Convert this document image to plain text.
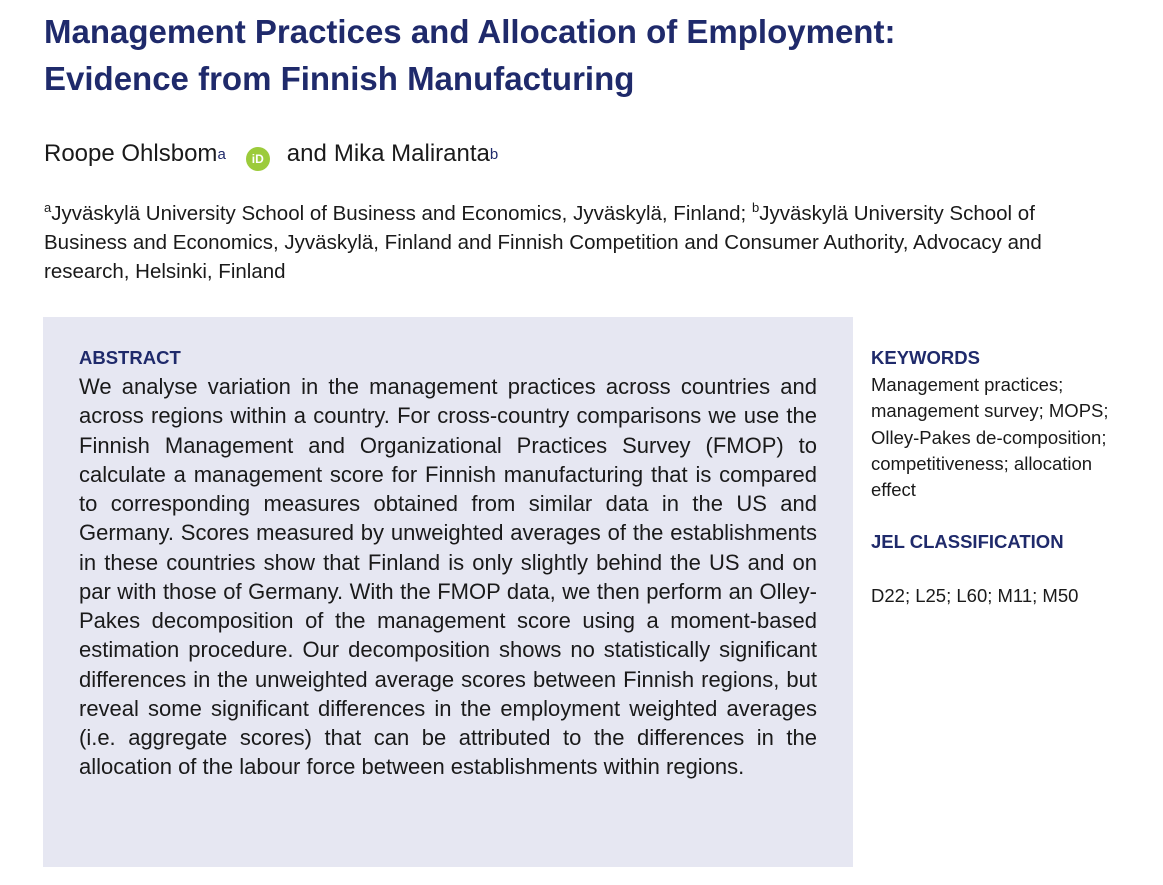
Management Practices and Allocation of Employment:
Evidence from Finnish Manufacturing
Roope Ohlsbom$^a$	iD and Mika Maliranta$^b$
$^a$Jyväskylä University School of Business and Economics, Jyväskylä, Finland; $^b$Jyväskylä University School of Business and Economics, Jyväskylä, Finland and Finnish Competition and Consumer Authority, Advocacy and research, Helsinki, Finland
ABSTRACT

We analyse variation in the management practices across countries and across regions within a country. For cross-country comparisons we use the Finnish Management and Organizational Practices Survey (FMOP) to calculate a management score for Finnish manufacturing that is compared to corresponding measures obtained from similar data in the US and Germany. Scores measured by unweighted averages of the establishments in these countries show that Finland is only slightly behind the US and on par with those of Germany. With the FMOP data, we then perform an Olley-Pakes decomposition of the management score using a moment-based estimation procedure. Our decomposition shows no statistically significant differences in the unweighted average scores between Finnish regions, but reveal some significant differences in the employment weighted averages (i.e. aggregate scores) that can be attributed to the differences in the allocation of the labour force between establishments within regions.

KEYWORDS

Management practices; management survey; MOPS; Olley-Pakes de-composition; competitiveness; allocation effect

JEL CLASSIFICATION

D22; L25; L60; M11; M50
